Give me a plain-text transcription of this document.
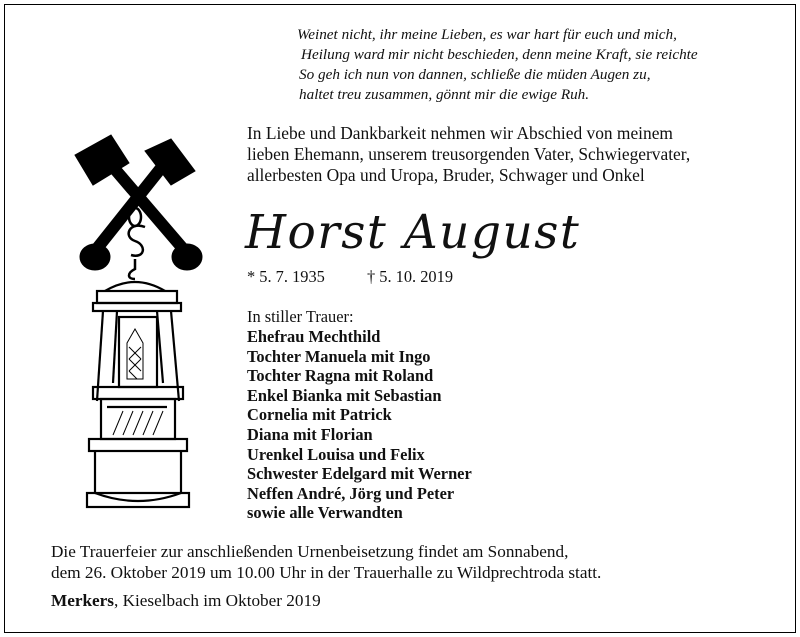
Weinet nicht, ihr meine Lieben, es war hart für euch und mich,
Heilung ward mir nicht beschieden, denn meine Kraft, sie reichte
So geh ich nun von dannen, schließe die müden Augen zu,
haltet treu zusammen, gönnt mir die ewige Ruh.
In Liebe und Dankbarkeit nehmen wir Abschied von meinem
lieben Ehemann, unserem treusorgenden Vater, Schwiegervater,
allerbesten Opa und Uropa, Bruder, Schwager und Onkel
Horst August
* 5. 7. 1935	† 5. 10. 2019
In stiller Trauer:
Ehefrau Mechthild
Tochter Manuela mit Ingo
Tochter Ragna mit Roland
Enkel Bianka mit Sebastian
Cornelia mit Patrick
Diana mit Florian
Urenkel Louisa und Felix
Schwester Edelgard mit Werner
Neffen André, Jörg und Peter
sowie alle Verwandten
Die Trauerfeier zur anschließenden Urnenbeisetzung findet am Sonnabend,
dem 26. Oktober 2019 um 10.00 Uhr in der Trauerhalle zu Wildprechtroda statt.
Merkers, Kieselbach im Oktober 2019
